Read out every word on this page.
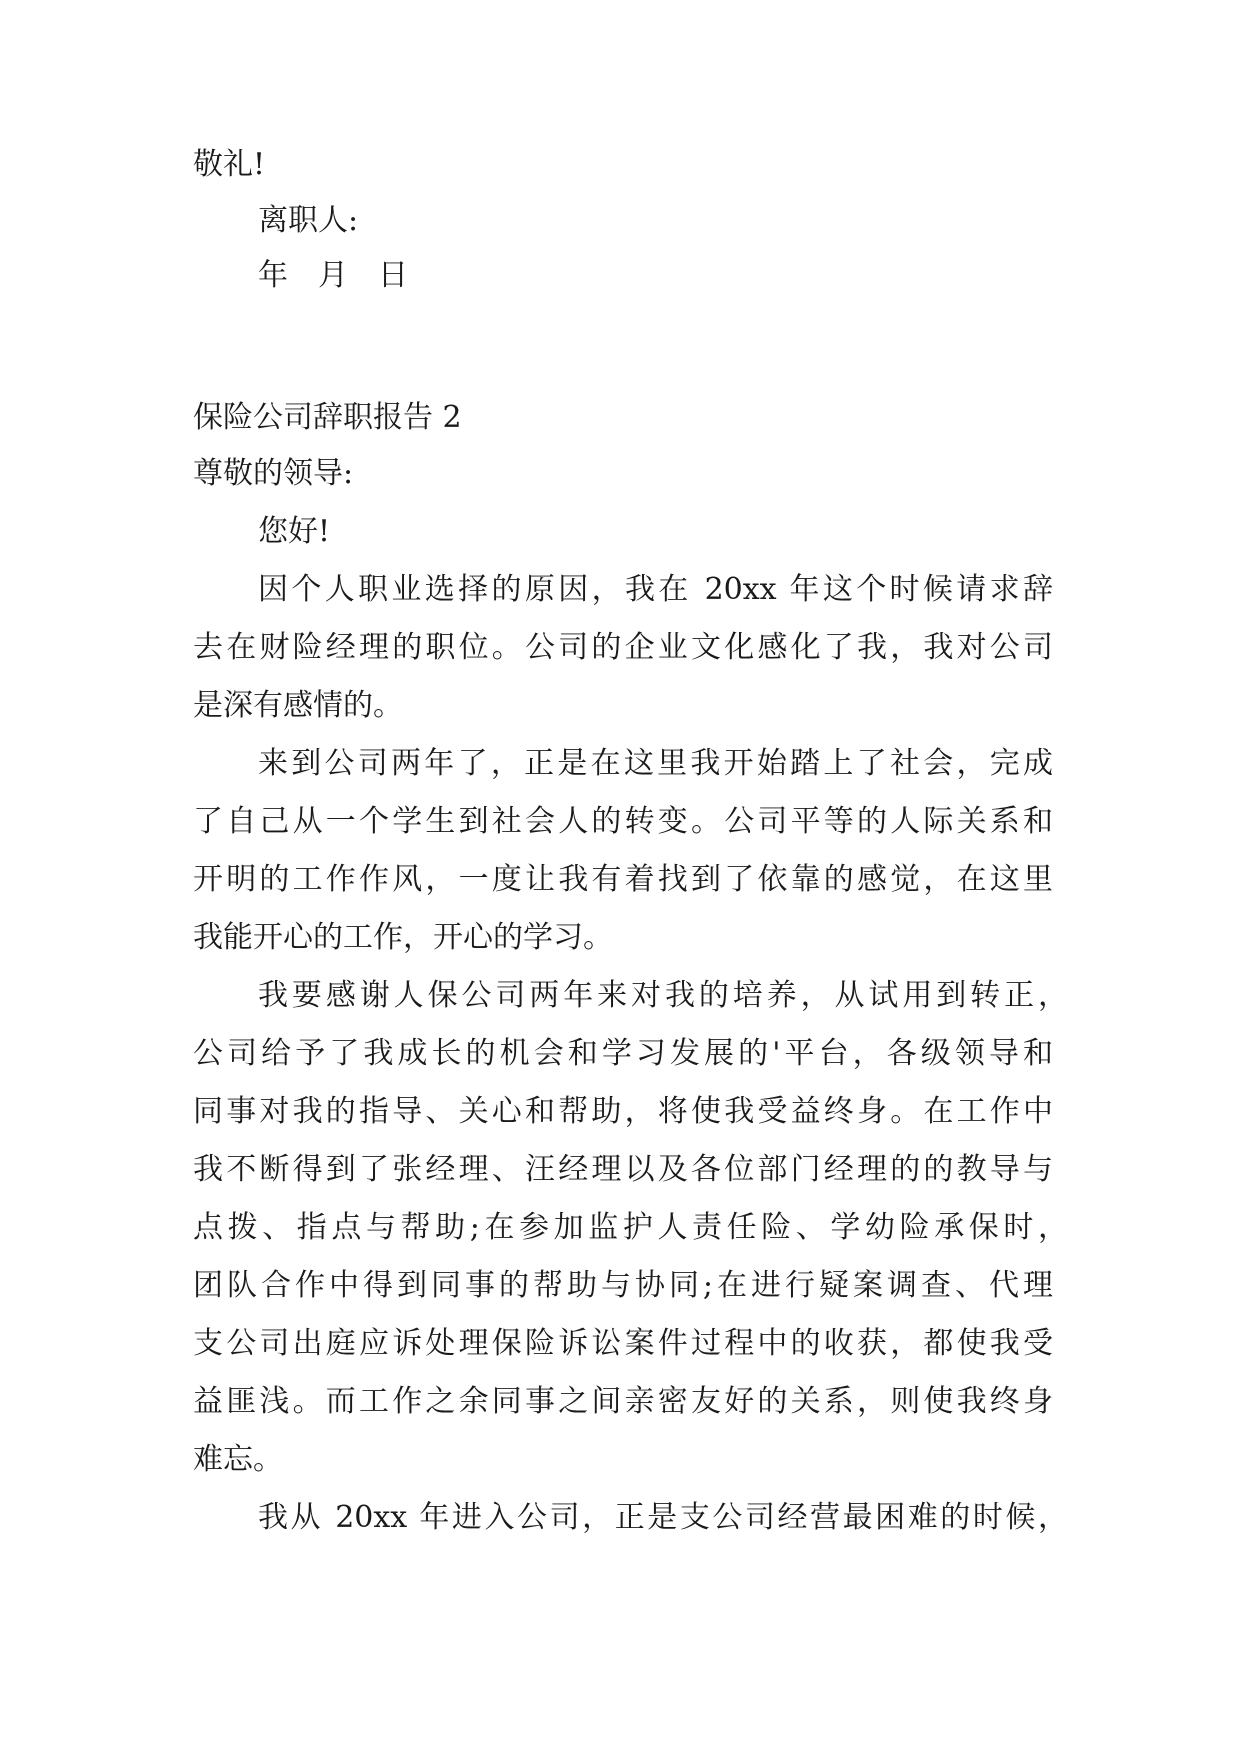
敬礼!
离职人:
年 月 日
保险公司辞职报告 2
尊敬的领导:
您好!
因个人职业选择的原因，我在 20xx 年这个时候请求辞
去在财险经理的职位。公司的企业文化感化了我，我对公司
是深有感情的。
来到公司两年了，正是在这里我开始踏上了社会，完成
了自己从一个学生到社会人的转变。公司平等的人际关系和
开明的工作作风，一度让我有着找到了依靠的感觉，在这里
我能开心的工作，开心的学习。
我要感谢人保公司两年来对我的培养，从试用到转正，
公司给予了我成长的机会和学习发展的'平台，各级领导和
同事对我的指导、关心和帮助，将使我受益终身。在工作中
我不断得到了张经理、汪经理以及各位部门经理的的教导与
点拨、指点与帮助;在参加监护人责任险、学幼险承保时，
团队合作中得到同事的帮助与协同;在进行疑案调查、代理
支公司出庭应诉处理保险诉讼案件过程中的收获，都使我受
益匪浅。而工作之余同事之间亲密友好的关系，则使我终身
难忘。
我从 20xx 年进入公司，正是支公司经营最困难的时候，
